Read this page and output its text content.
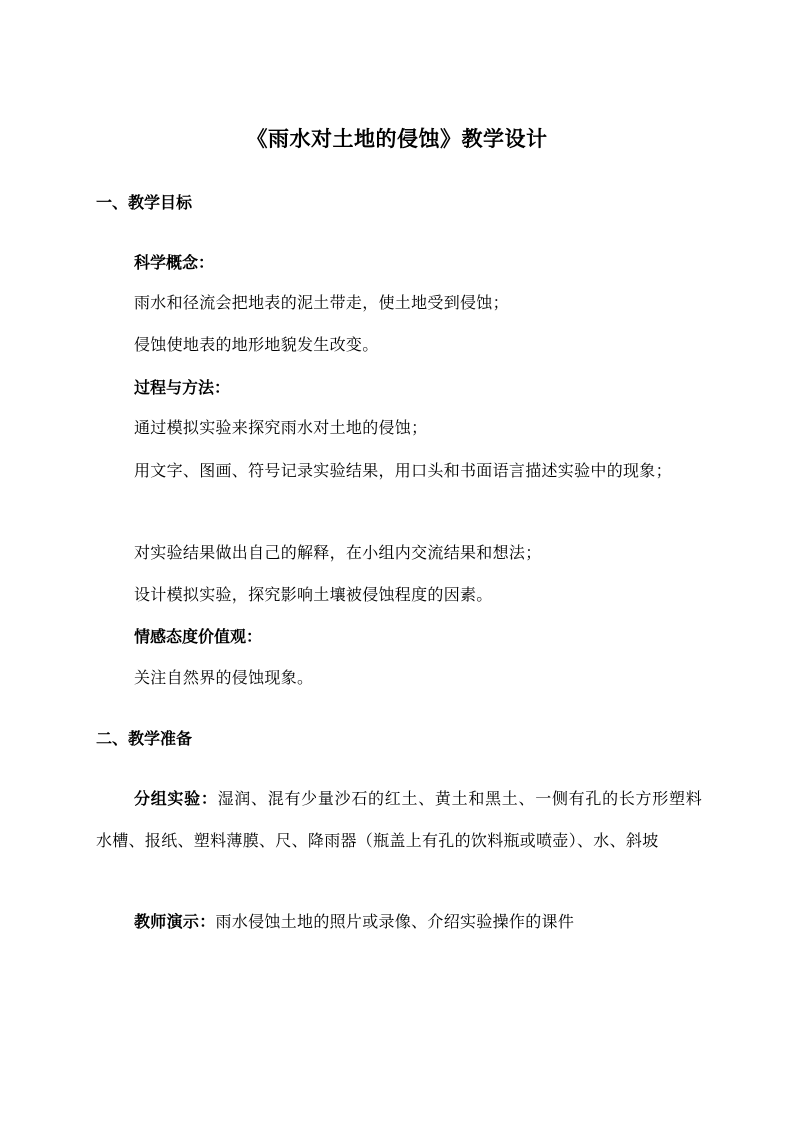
《雨水对土地的侵蚀》教学设计
一、教学目标
科学概念：
雨水和径流会把地表的泥土带走，使土地受到侵蚀；
侵蚀使地表的地形地貌发生改变。
过程与方法：
通过模拟实验来探究雨水对土地的侵蚀；
用文字、图画、符号记录实验结果，用口头和书面语言描述实验中的现象；
对实验结果做出自己的解释，在小组内交流结果和想法；
设计模拟实验，探究影响土壤被侵蚀程度的因素。
情感态度价值观：
关注自然界的侵蚀现象。
二、教学准备
分组实验：湿润、混有少量沙石的红土、黄土和黑土、一侧有孔的长方形塑料水槽、报纸、塑料薄膜、尺、降雨器（瓶盖上有孔的饮料瓶或喷壶）、水、斜坡
教师演示：雨水侵蚀土地的照片或录像、介绍实验操作的课件
